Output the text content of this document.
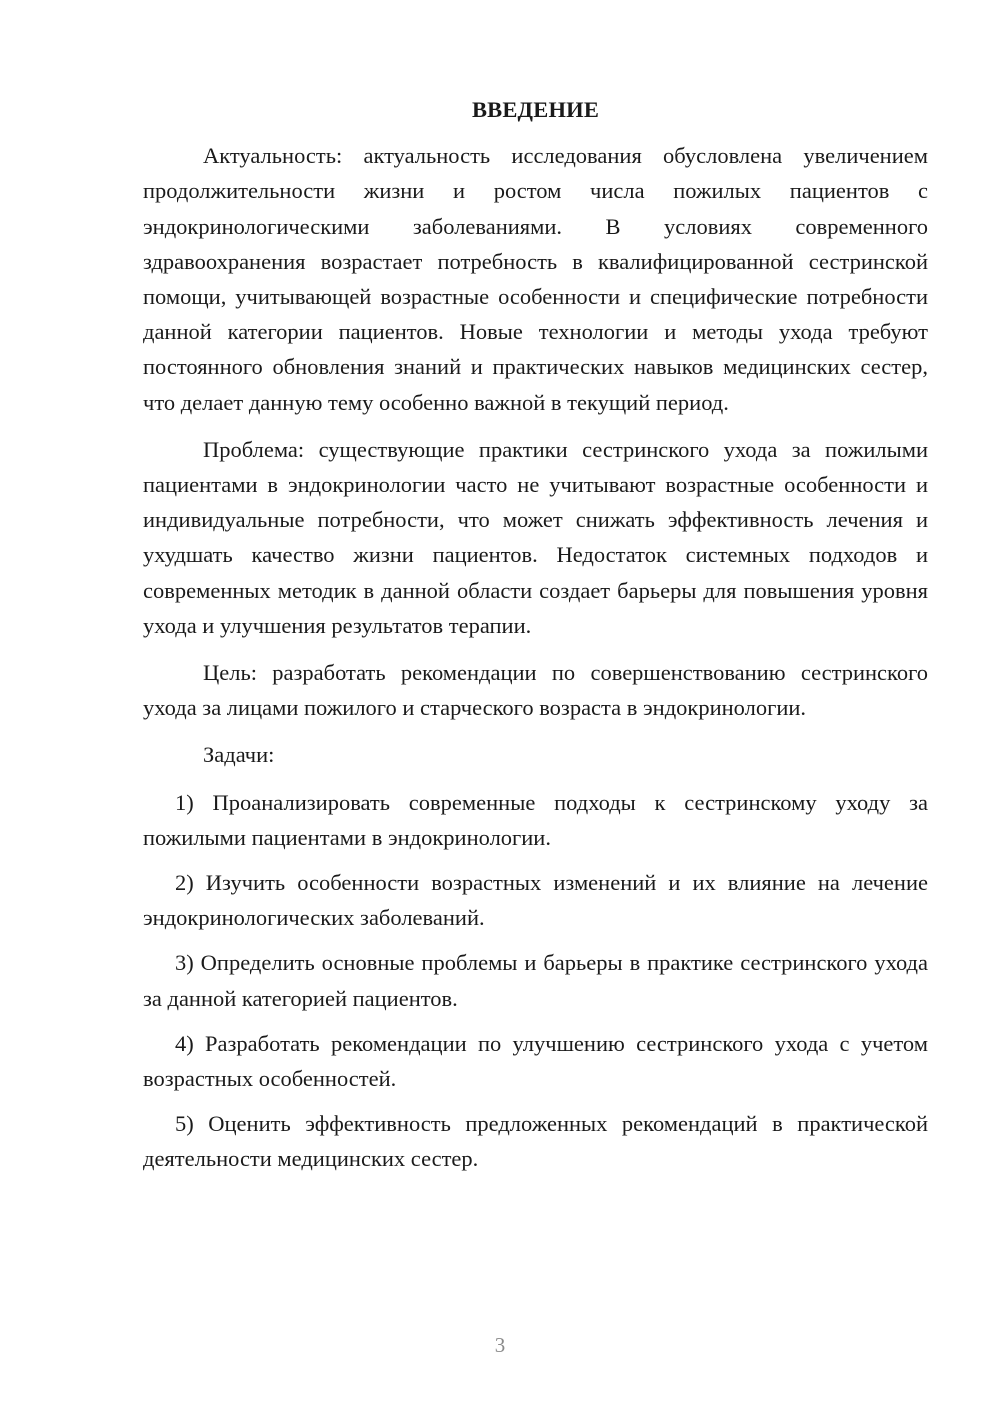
ВВЕДЕНИЕ

Актуальность: актуальность исследования обусловлена увеличением продолжительности жизни и ростом числа пожилых пациентов с эндокринологическими заболеваниями. В условиях современного здравоохранения возрастает потребность в квалифицированной сестринской помощи, учитывающей возрастные особенности и специфические потребности данной категории пациентов. Новые технологии и методы ухода требуют постоянного обновления знаний и практических навыков медицинских сестер, что делает данную тему особенно важной в текущий период.

Проблема: существующие практики сестринского ухода за пожилыми пациентами в эндокринологии часто не учитывают возрастные особенности и индивидуальные потребности, что может снижать эффективность лечения и ухудшать качество жизни пациентов. Недостаток системных подходов и современных методик в данной области создает барьеры для повышения уровня ухода и улучшения результатов терапии.

Цель: разработать рекомендации по совершенствованию сестринского ухода за лицами пожилого и старческого возраста в эндокринологии.

Задачи:

1) Проанализировать современные подходы к сестринскому уходу за пожилыми пациентами в эндокринологии.

2) Изучить особенности возрастных изменений и их влияние на лечение эндокринологических заболеваний.

3) Определить основные проблемы и барьеры в практике сестринского ухода за данной категорией пациентов.

4) Разработать рекомендации по улучшению сестринского ухода с учетом возрастных особенностей.

5) Оценить эффективность предложенных рекомендаций в практической деятельности медицинских сестер.

3
